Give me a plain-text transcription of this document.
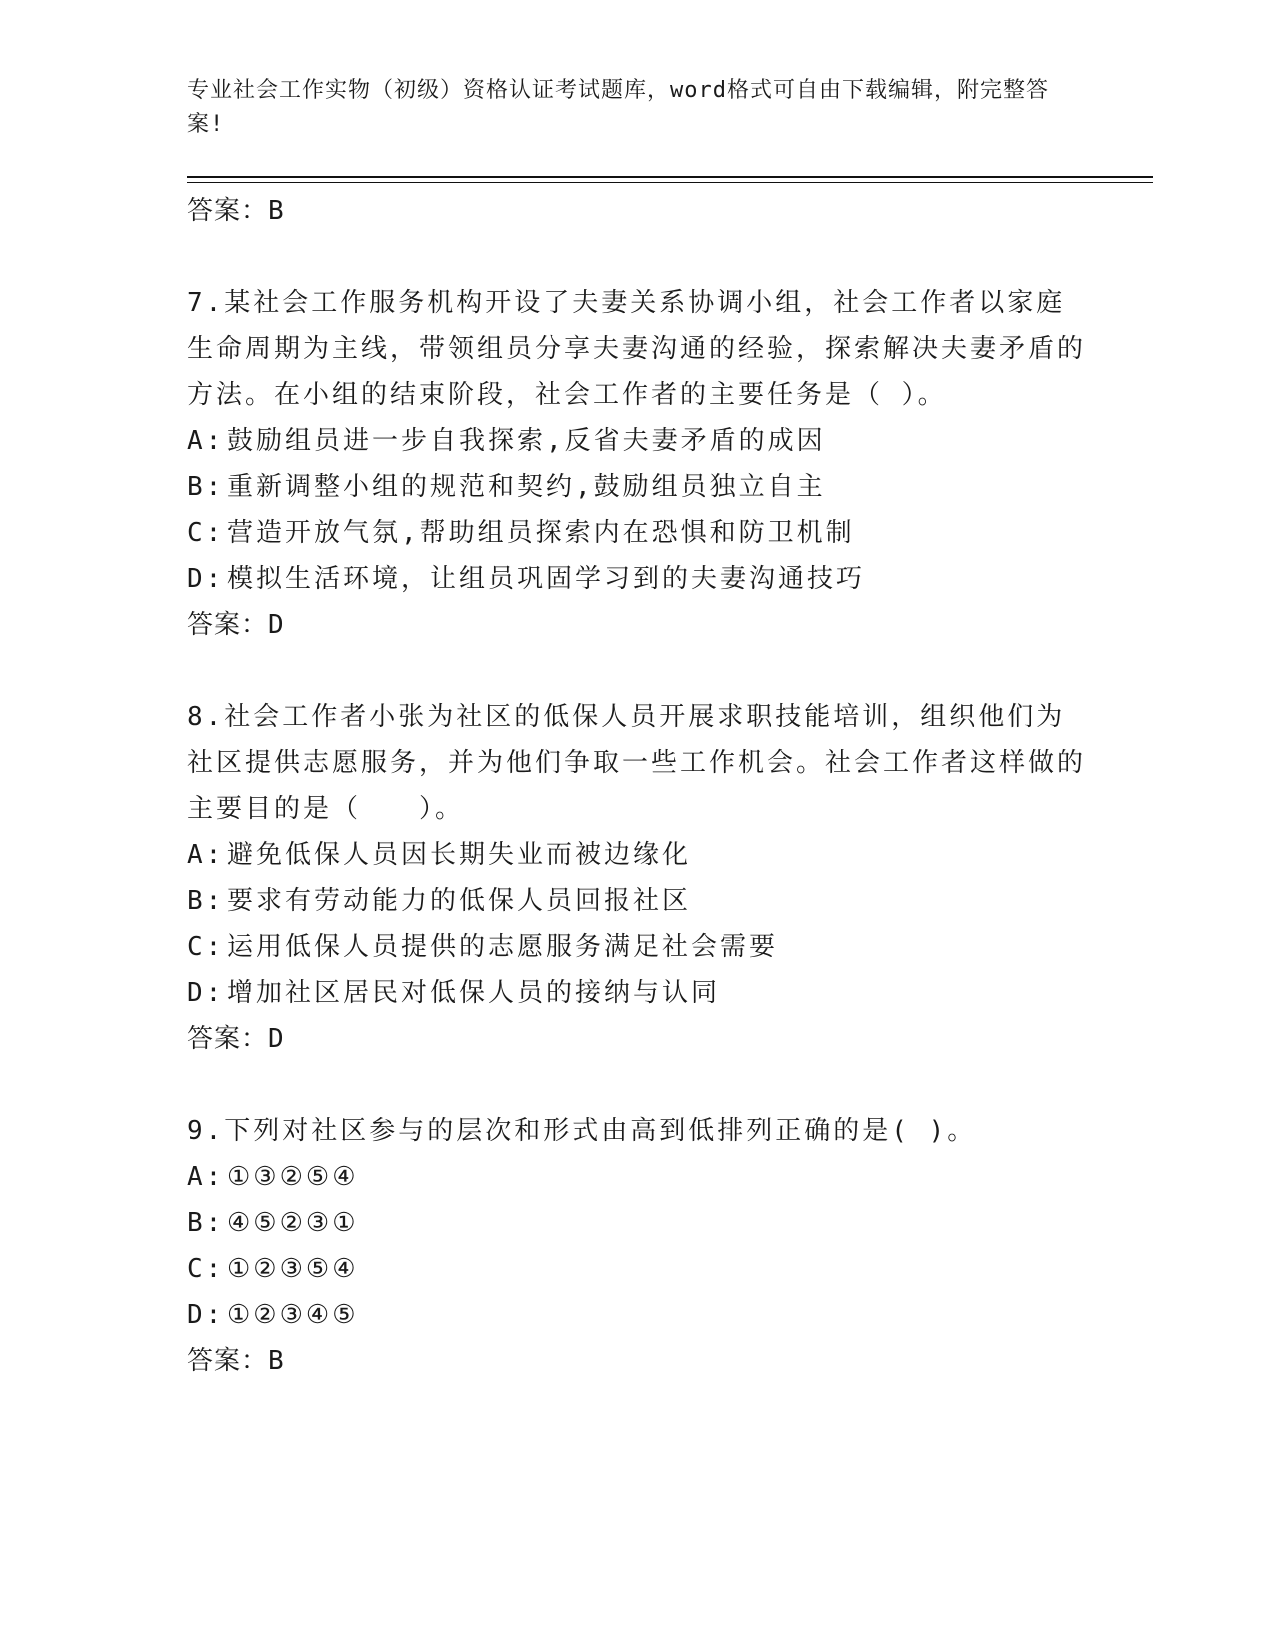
专业社会工作实物（初级）资格认证考试题库，word格式可自由下载编辑，附完整答案!
答案：B

7.某社会工作服务机构开设了夫妻关系协调小组，社会工作者以家庭生命周期为主线，带领组员分享夫妻沟通的经验，探索解决夫妻矛盾的方法。在小组的结束阶段，社会工作者的主要任务是（ ）。

A: 鼓励组员进一步自我探索,反省夫妻矛盾的成因
B: 重新调整小组的规范和契约,鼓励组员独立自主
C: 营造开放气氛,帮助组员探索内在恐惧和防卫机制
D: 模拟生活环境，让组员巩固学习到的夫妻沟通技巧
答案：D

8.社会工作者小张为社区的低保人员开展求职技能培训，组织他们为社区提供志愿服务，并为他们争取一些工作机会。社会工作者这样做的主要目的是（　　）。

A: 避免低保人员因长期失业而被边缘化
B: 要求有劳动能力的低保人员回报社区
C: 运用低保人员提供的志愿服务满足社会需要
D: 增加社区居民对低保人员的接纳与认同
答案：D

9.下列对社区参与的层次和形式由高到低排列正确的是( )。

A: ①③②⑤④
B: ④⑤②③①
C: ①②③⑤④
D: ①②③④⑤
答案：B
